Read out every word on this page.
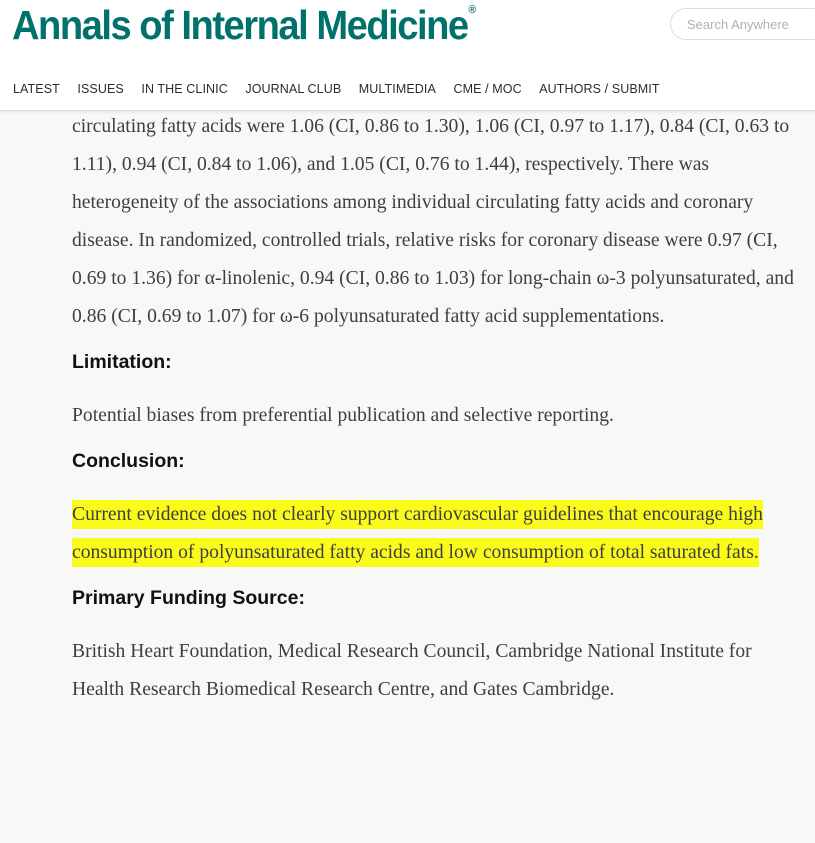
Annals of Internal Medicine®
Search Anywhere
LATEST ISSUES IN THE CLINIC JOURNAL CLUB MULTIMEDIA CME / MOC AUTHORS / SUBMIT

circulating fatty acids were 1.06 (CI, 0.86 to 1.30), 1.06 (CI, 0.97 to 1.17), 0.84 (CI, 0.63 to 1.11), 0.94 (CI, 0.84 to 1.06), and 1.05 (CI, 0.76 to 1.44), respectively. There was heterogeneity of the associations among individual circulating fatty acids and coronary disease. In randomized, controlled trials, relative risks for coronary disease were 0.97 (CI, 0.69 to 1.36) for α-linolenic, 0.94 (CI, 0.86 to 1.03) for long-chain ω-3 polyunsaturated, and 0.86 (CI, 0.69 to 1.07) for ω-6 polyunsaturated fatty acid supplementations.

Limitation:

Potential biases from preferential publication and selective reporting.

Conclusion:

Current evidence does not clearly support cardiovascular guidelines that encourage high consumption of polyunsaturated fatty acids and low consumption of total saturated fats.

Primary Funding Source:

British Heart Foundation, Medical Research Council, Cambridge National Institute for Health Research Biomedical Research Centre, and Gates Cambridge.
